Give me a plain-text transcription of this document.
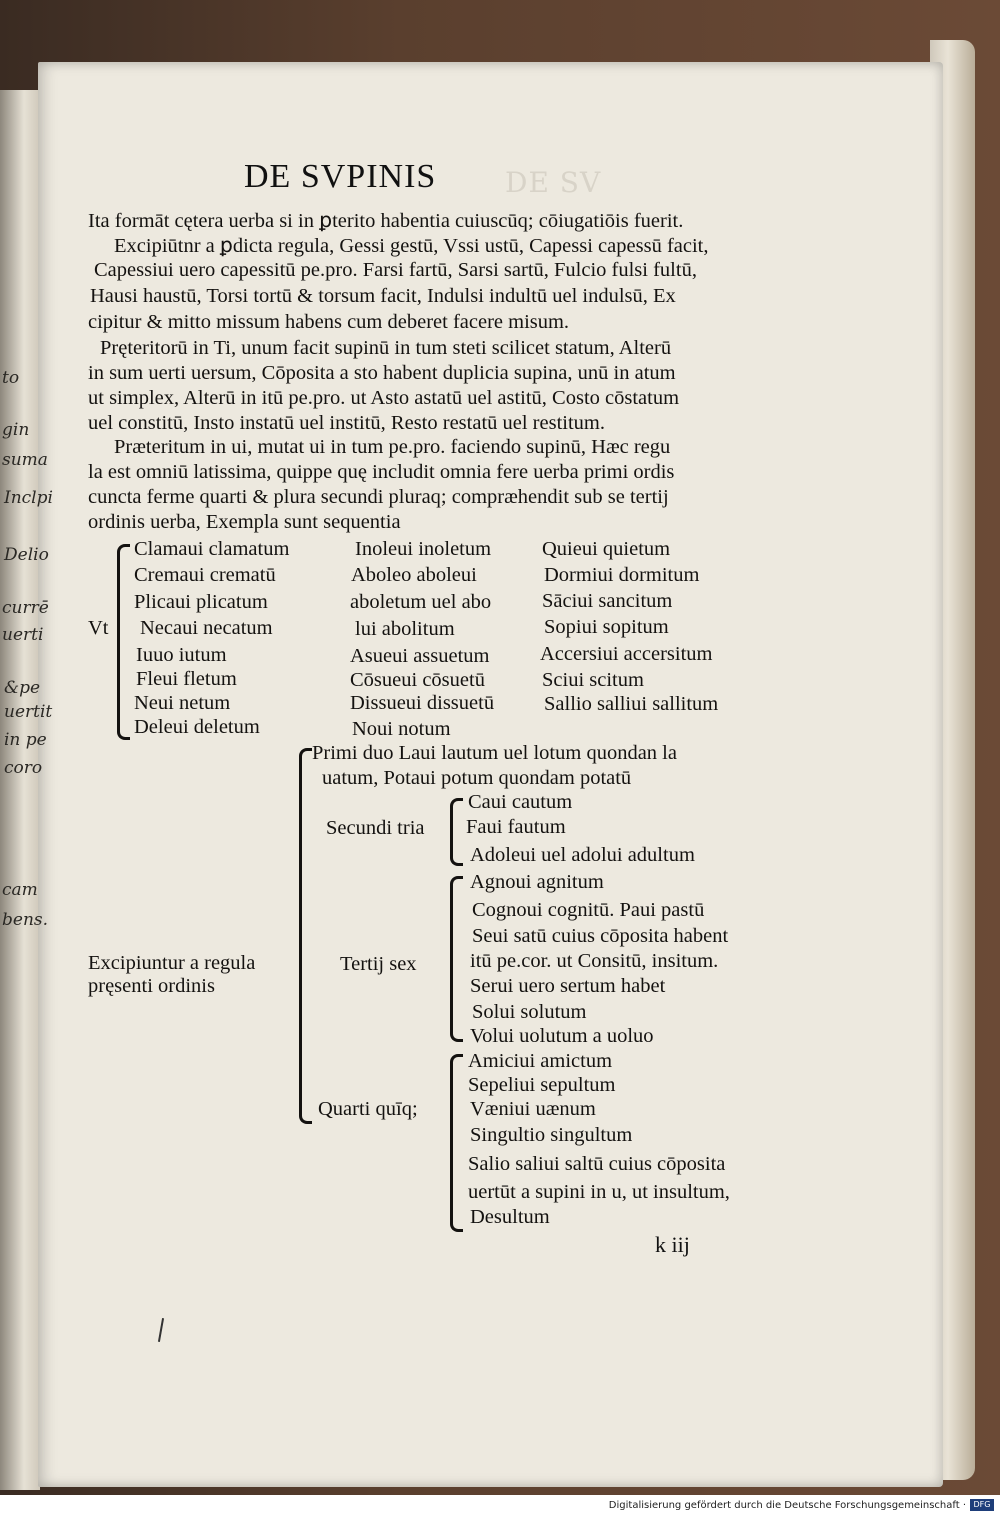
to
gin
suma
Inclpi
Delio
currē
uerti
&pe
uertit
in pe
coro
cam
bens.
DE SVPINIS DE SV
Ita formāt cętera uerba si in ꝑterito habentia cuiuscūq; cōiugatiōis fuerit.
Excipiūtnr a ꝑdicta regula, Gessi gestū, Vssi ustū, Capessi capessū facit,
Capessiui uero capessitū pe.pro. Farsi fartū, Sarsi sartū, Fulcio fulsi fultū,
Hausi haustū, Torsi tortū & torsum facit, Indulsi indultū uel indulsū, Ex
cipitur & mitto missum habens cum deberet facere misum.
Pręteritorū in Ti, unum facit supinū in tum steti scilicet statum, Alterū
in sum uerti uersum, Cōposita a sto habent duplicia supina, unū in atum
ut simplex, Alterū in itū pe.pro. ut Asto astatū uel astitū, Costo cōstatum
uel constitū, Insto instatū uel institū, Resto restatū uel restitum.
Prӕteritum in ui, mutat ui in tum pe.pro. faciendo supinū, Hӕc regu
la est omniū latissima, quippe quę includit omnia fere uerba primi ordis
cuncta ferme quarti & plura secundi pluraq; comprӕhendit sub se tertij
ordinis uerba, Exempla sunt sequentia
Vt
Clamaui clamatum
Cremaui crematū
Plicaui plicatum
Necaui necatum
Iuuo iutum
Fleui fletum
Neui netum
Deleui deletum
Inoleui inoletum
Aboleo aboleui
aboletum uel abo
lui abolitum
Asueui assuetum
Cōsueui cōsuetū
Dissueui dissuetū
Noui notum
Quieui quietum
Dormiui dormitum
Sāciui sancitum
Sopiui sopitum
Accersiui accersitum
Sciui scitum
Sallio salliui sallitum
Primi duo Laui lautum uel lotum quondan la
uatum, Potaui potum quondam potatū
Secundi tria
Caui cautum
Faui fautum
Adoleui uel adolui adultum
Excipiuntur a regula
pręsenti ordinis
Tertij sex
Agnoui agnitum
Cognoui cognitū. Paui pastū
Seui satū cuius cōposita habent
itū pe.cor. ut Consitū, insitum.
Serui uero sertum habet
Solui solutum
Volui uolutum a uoluo
Quarti quīq;
Amiciui amictum
Sepeliui sepultum
Vӕniui uӕnum
Singultio singultum
Salio saliui saltū cuius cōposita
uertūt a supini in u, ut insultum,
Desultum
k iij
Digitalisierung gefördert durch die Deutsche Forschungsgemeinschaft · DFG
